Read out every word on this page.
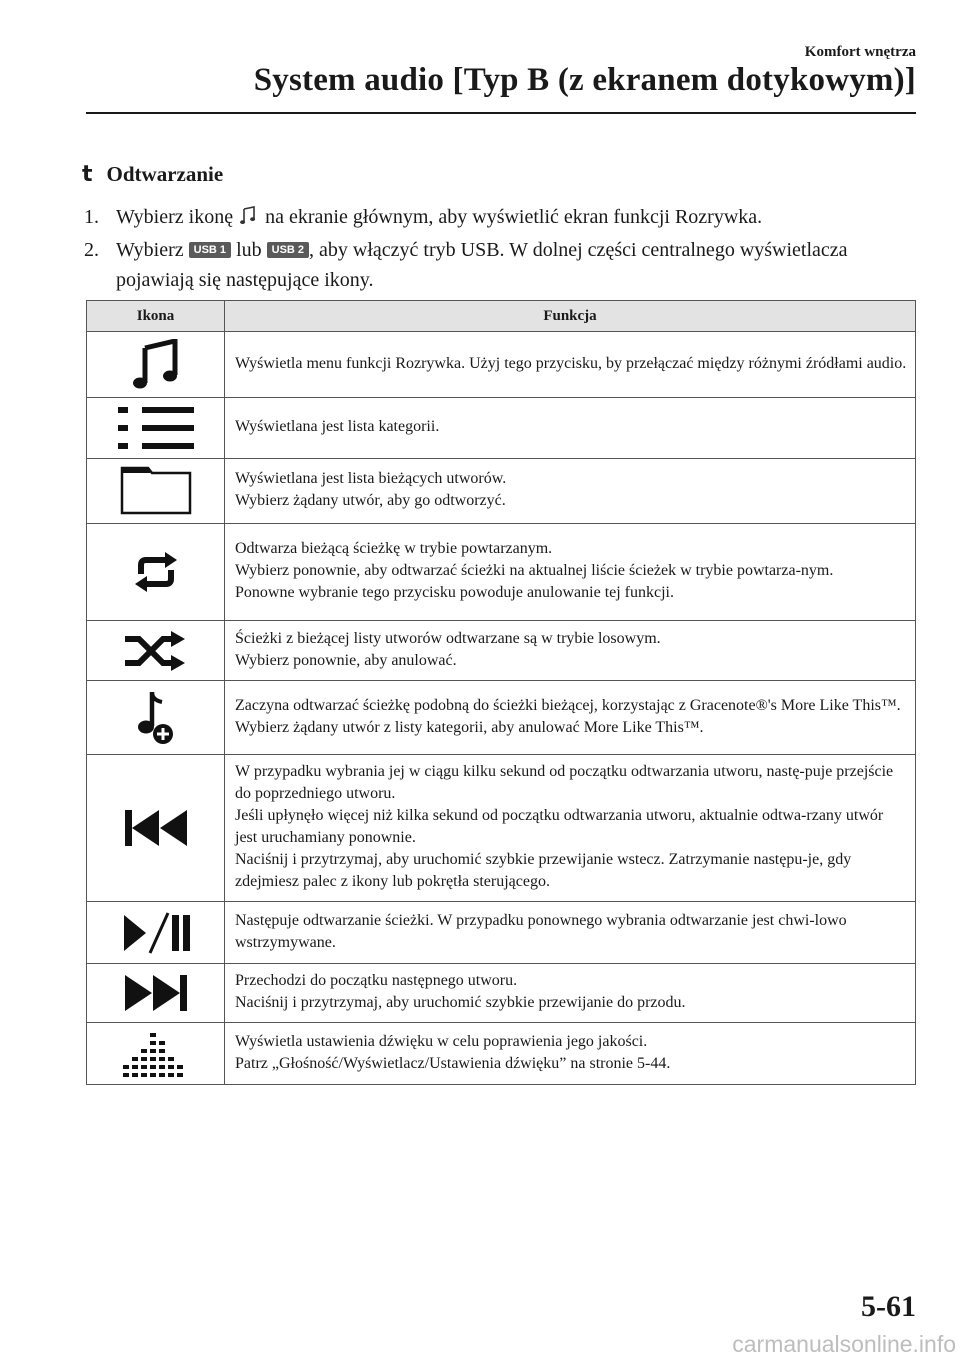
Komfort wnętrza
System audio [Typ B (z ekranem dotykowym)]
t Odtwarzanie
1. Wybierz ikonę na ekranie głównym, aby wyświetlić ekran funkcji Rozrywka.
2. Wybierz USB 1 lub USB 2 , aby włączyć tryb USB. W dolnej części centralnego wyświetlacza pojawiają się następujące ikony.
Ikona	Funkcja

Wyświetla menu funkcji Rozrywka. Użyj tego przycisku, by przełączać między różnymi źródłami audio.

Wyświetlana jest lista kategorii.

Wyświetlana jest lista bieżących utworów.
Wybierz żądany utwór, aby go odtworzyć.

Odtwarza bieżącą ścieżkę w trybie powtarzanym.
Wybierz ponownie, aby odtwarzać ścieżki na aktualnej liście ścieżek w trybie powtarza-nym.
Ponowne wybranie tego przycisku powoduje anulowanie tej funkcji.

Ścieżki z bieżącej listy utworów odtwarzane są w trybie losowym.
Wybierz ponownie, aby anulować.

Zaczyna odtwarzać ścieżkę podobną do ścieżki bieżącej, korzystając z Gracenote®'s More Like This™.
Wybierz żądany utwór z listy kategorii, aby anulować More Like This™.

W przypadku wybrania jej w ciągu kilku sekund od początku odtwarzania utworu, nastę-puje przejście do poprzedniego utworu.
Jeśli upłynęło więcej niż kilka sekund od początku odtwarzania utworu, aktualnie odtwa-rzany utwór jest uruchamiany ponownie.
Naciśnij i przytrzymaj, aby uruchomić szybkie przewijanie wstecz. Zatrzymanie następu-je, gdy zdejmiesz palec z ikony lub pokrętła sterującego.

Następuje odtwarzanie ścieżki. W przypadku ponownego wybrania odtwarzanie jest chwi-lowo wstrzymywane.

Przechodzi do początku następnego utworu.
Naciśnij i przytrzymaj, aby uruchomić szybkie przewijanie do przodu.

Wyświetla ustawienia dźwięku w celu poprawienia jego jakości.
Patrz „Głośność/Wyświetlacz/Ustawienia dźwięku” na stronie 5-44.
5-61
carmanualsonline.info
